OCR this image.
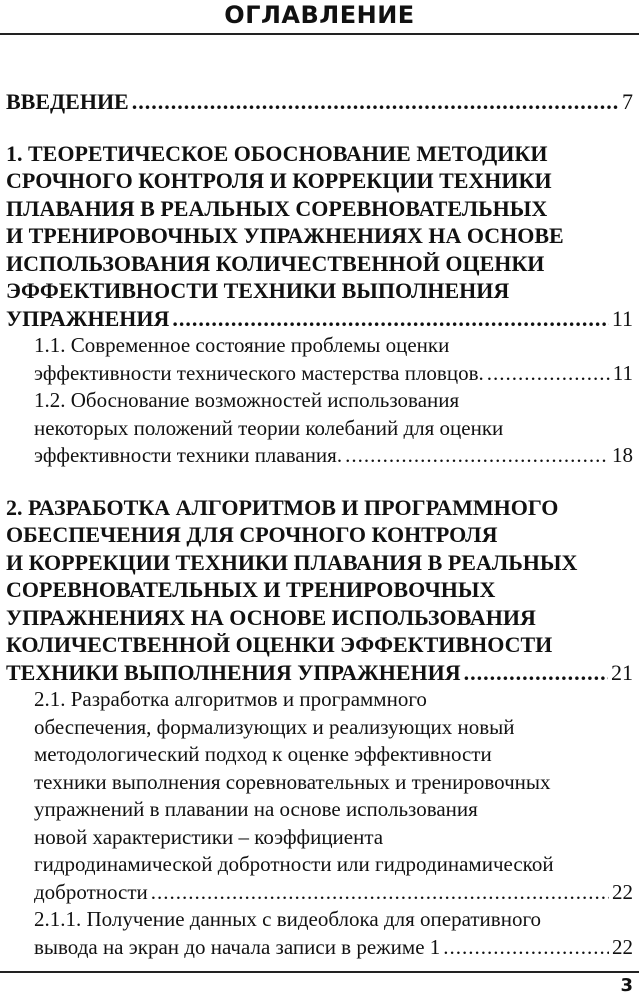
ОГЛАВЛЕНИЕ
ВВЕДЕНИЕ .....	7
1. ТЕОРЕТИЧЕСКОЕ ОБОСНОВАНИЕ МЕТОДИКИ
СРОЧНОГО КОНТРОЛЯ И КОРРЕКЦИИ ТЕХНИКИ
ПЛАВАНИЯ В РЕАЛЬНЫХ СОРЕВНОВАТЕЛЬНЫХ
И ТРЕНИРОВОЧНЫХ УПРАЖНЕНИЯХ НА ОСНОВЕ
ИСПОЛЬЗОВАНИЯ КОЛИЧЕСТВЕННОЙ ОЦЕНКИ
ЭФФЕКТИВНОСТИ ТЕХНИКИ ВЫПОЛНЕНИЯ
УПРАЖНЕНИЯ .....	11
1.1. Современное состояние проблемы оценки
эффективности технического мастерства пловцов. .....	11
1.2. Обоснование возможностей использования
некоторых положений теории колебаний для оценки
эффективности техники плавания. .....	18
2. РАЗРАБОТКА АЛГОРИТМОВ И ПРОГРАММНОГО
ОБЕСПЕЧЕНИЯ ДЛЯ СРОЧНОГО КОНТРОЛЯ
И КОРРЕКЦИИ ТЕХНИКИ ПЛАВАНИЯ В РЕАЛЬНЫХ
СОРЕВНОВАТЕЛЬНЫХ И ТРЕНИРОВОЧНЫХ
УПРАЖНЕНИЯХ НА ОСНОВЕ ИСПОЛЬЗОВАНИЯ
КОЛИЧЕСТВЕННОЙ ОЦЕНКИ ЭФФЕКТИВНОСТИ
ТЕХНИКИ ВЫПОЛНЕНИЯ УПРАЖНЕНИЯ .....	21
2.1. Разработка алгоритмов и программного
обеспечения, формализующих и реализующих новый
методологический подход к оценке эффективности
техники выполнения соревновательных и тренировочных
упражнений в плавании на основе использования
новой характеристики – коэффициента
гидродинамической добротности или гидродинамической
добротности .....	22
2.1.1. Получение данных с видеоблока для оперативного
вывода на экран до начала записи в режиме 1 .....	22
3
